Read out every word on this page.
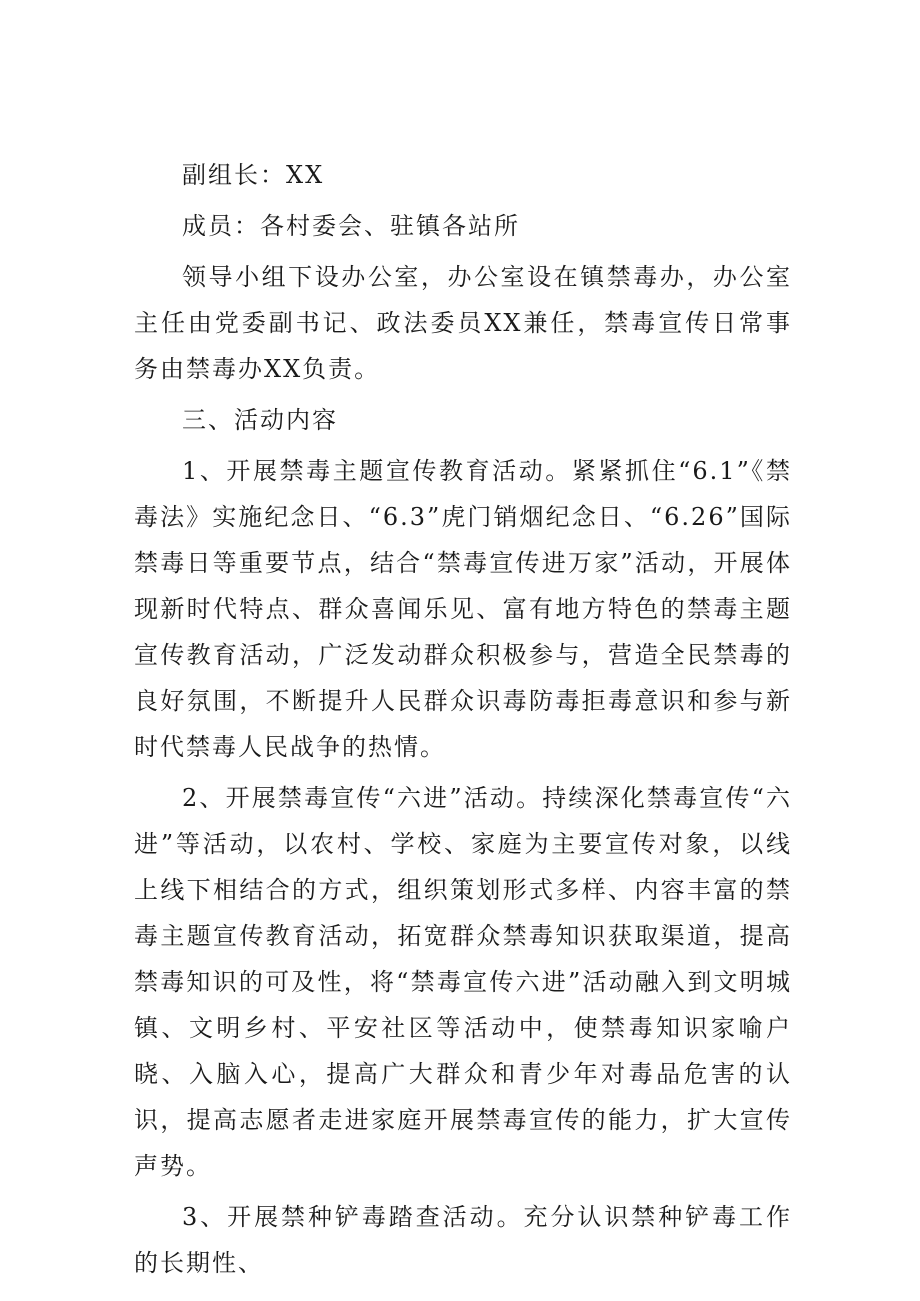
副组长：XX

成员：各村委会、驻镇各站所

领导小组下设办公室，办公室设在镇禁毒办，办公室主任由党委副书记、政法委员XX兼任，禁毒宣传日常事务由禁毒办XX负责。

三、活动内容

1、开展禁毒主题宣传教育活动。紧紧抓住“6.1”《禁毒法》实施纪念日、“6.3”虎门销烟纪念日、“6.26”国际禁毒日等重要节点，结合“禁毒宣传进万家”活动，开展体现新时代特点、群众喜闻乐见、富有地方特色的禁毒主题宣传教育活动，广泛发动群众积极参与，营造全民禁毒的良好氛围，不断提升人民群众识毒防毒拒毒意识和参与新时代禁毒人民战争的热情。

2、开展禁毒宣传“六进”活动。持续深化禁毒宣传“六进”等活动，以农村、学校、家庭为主要宣传对象，以线上线下相结合的方式，组织策划形式多样、内容丰富的禁毒主题宣传教育活动，拓宽群众禁毒知识获取渠道，提高禁毒知识的可及性，将“禁毒宣传六进”活动融入到文明城镇、文明乡村、平安社区等活动中，使禁毒知识家喻户晓、入脑入心，提高广大群众和青少年对毒品危害的认识，提高志愿者走进家庭开展禁毒宣传的能力，扩大宣传声势。

3、开展禁种铲毒踏查活动。充分认识禁种铲毒工作的长期性、
